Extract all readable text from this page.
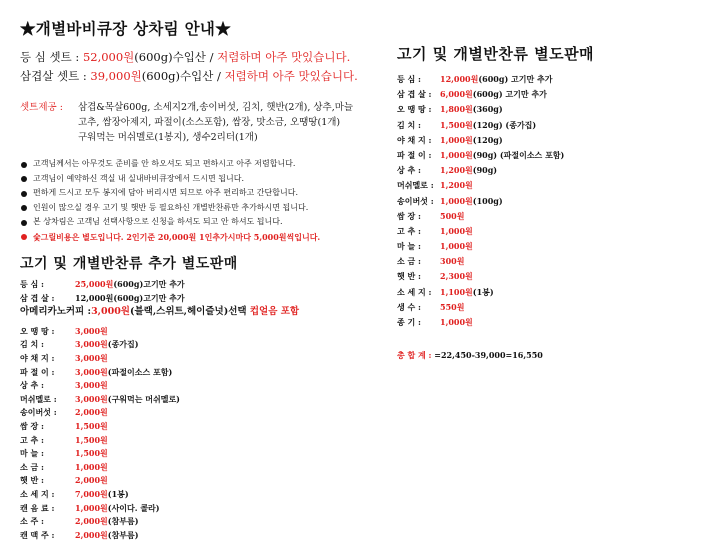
★개별바비큐장 상차림 안내★
등 심 셋트 : 52,000원(600g)수입산 / 저렴하며 아주 맛있습니다.
삼겹살 셋트 : 39,000원(600g)수입산 / 저렴하며 아주 맛있습니다.
셋트제공 :	삼겹&목살600g, 소세지2개,송이버섯, 김치, 햇반(2개), 상추,마늘
고추, 쌈장아제지, 파절이(소스포함), 쌈장, 맛소금, 오땡땅(1개)
구워먹는 머쉬멜로(1봉지), 생수2리터(1개)
고객님께서는 아무것도 준비를 안 하오셔도 되고 편하시고 아주 저렴합니다.
고객님이 예약하신 객실 내 실내바비큐장에서 드시면 됩니다.
편하게 드시고 모두 봉지에 담아 버리시면 되므로 아주 편리하고 간단합니다.
인원이 많으실 경우 고기 및 햇반 등 필요하신 개별반찬류만 추가하시면 됩니다.
본 상차림은 고객님 선택사항으로 신청을 하셔도 되고 안 하셔도 됩니다.
숯그릴비용은 별도입니다. 2인기준 20,000원 1인추가시마다 5,000원씩입니다.
고기 및 개별반찬류 추가 별도판매
등 심 :	25,000원(600g)고기만 추가
삼 겹 살 :	12,000원(600g)고기만 추가
아메리카노커피 :3,000원(블랙,스위트,헤이즐넛)선택 컵얼음 포함
오 땡 땅 :	3,000원
김 치 :	3,000원(종가집)
야 채 지 :	3,000원
파 절 이 :	3,000원(파절이소스 포함)
상 추 :	3,000원
머쉬멜로 :3,000원(구워먹는 머쉬멜로)
송이버섯 :2,000원
쌈 장 :	1,500원
고 추 :	1,500원
마 늘 :	1,500원
소 금 :	1,000원
햇 반 :	2,000원
소 세 지 :	7,000원(1봉)
캔 음 료 :	1,000원(사이다. 콜라)
소 주 :	2,000원(참부름)
캔 맥 주 :	2,000원(참부름)
고기 및 개별반찬류 별도판매
등 심 :12,000원(600g) 고기만 추가
삼 겹 살 :6,000원(600g) 고기만 추가
오 땡 땅 :1,800원(360g)
김 치 :1,500원(120g) (종가집)
야 채 지 :1,000원(120g)
파 절 이 :1,000원(90g) (파절이소스 포함)
상 추 :1,200원(90g)
머쉬멜로 :1,200원
송이버섯 :1,000원(100g)
쌈 장 :500원
고 추 :1,000원
마 늘 :1,000원
소 금 :300원
햇 반 :2,300원
소 세 지 :1,100원(1봉)
생 수 :550원
종 기 :1,000원
총 합 계 : =22,450-39,000=16,550
